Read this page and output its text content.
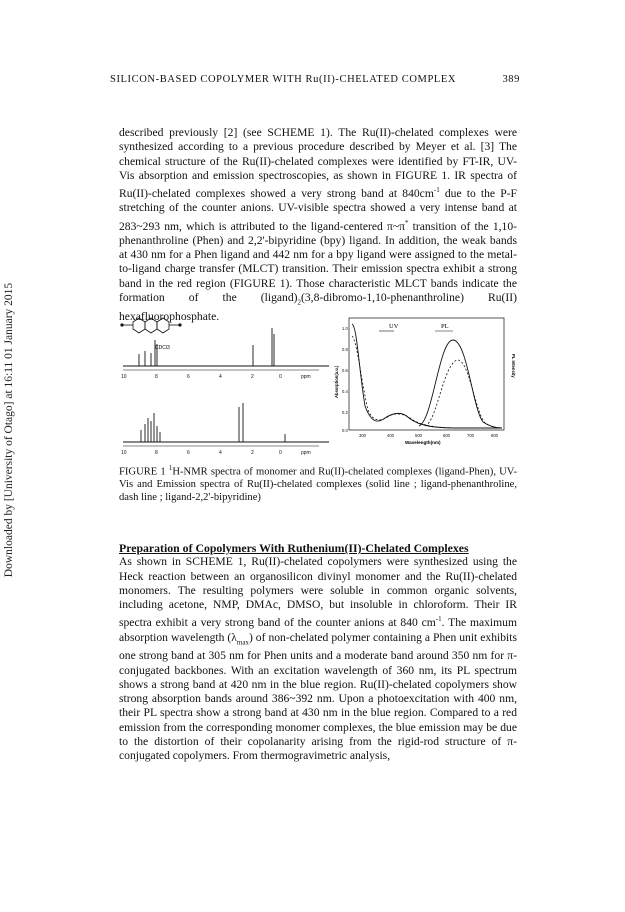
Downloaded by [University of Otago] at 16:11 01 January 2015
SILICON-BASED COPOLYMER WITH Ru(II)-CHELATED COMPLEX	389

described previously [2] (see SCHEME 1). The Ru(II)-chelated complexes were synthesized according to a previous procedure described by Meyer et al. [3] The chemical structure of the Ru(II)-chelated complexes were identified by FT-IR, UV-Vis absorption and emission spectroscopies, as shown in FIGURE 1. IR spectra of Ru(II)-chelated complexes showed a very strong band at $840cm^{-1}$ due to the P-F stretching of the counter anions. UV-visible spectra showed a very intense band at 283~293 nm, which is attributed to the ligand-centered π~π* transition of the 1,10-phenanthroline (Phen) and 2,2'-bipyridine (bpy) ligand. In addition, the weak bands at 430 nm for a Phen ligand and 442 nm for a bpy ligand were assigned to the metal-to-ligand charge transfer (MLCT) transition. Their emission spectra exhibit a strong band in the red region (FIGURE 1). Those characteristic MLCT bands indicate the formation of the $(ligand)_2(3,8-dibromo-1,10-phenanthroline)$ Ru(II) hexafluorophosphate.

CDCl3
10	8	6	4	2	0	ppm
10	8	6	4	2	0	ppm
UV	PL
1.0
0.8
0.6
0.4
0.2
0.0
300	400	500	600	700	800
Wavelength(nm)
Absorption(a.u.)	PL Intensity
FIGURE 1 $^1$H-NMR spectra of monomer and Ru(II)-chelated complexes (ligand-Phen), UV-Vis and Emission spectra of Ru(II)-chelated complexes (solid line ; ligand-phenanthroline, dash line ; ligand-2,2'-bipyridine)

Preparation of Copolymers With Ruthenium(II)-Chelated Complexes

As shown in SCHEME 1, Ru(II)-chelated copolymers were synthesized using the Heck reaction between an organosilicon divinyl monomer and the Ru(II)-chelated monomers. The resulting polymers were soluble in common organic solvents, including acetone, NMP, DMAc, DMSO, but insoluble in chloroform. Their IR spectra exhibit a very strong band of the counter anions at 840 $cm^{-1}$. The maximum absorption wavelength $(\lambda_{max})$ of non-chelated polymer containing a Phen unit exhibits one strong band at 305 nm for Phen units and a moderate band around 350 nm for π-conjugated backbones. With an excitation wavelength of 360 nm, its PL spectrum shows a strong band at 420 nm in the blue region. Ru(II)-chelated copolymers show strong absorption bands around 386~392 nm. Upon a photoexcitation with 400 nm, their PL spectra show a strong band at 430 nm in the blue region. Compared to a red emission from the corresponding monomer complexes, the blue emission may be due to the distortion of their copolanarity arising from the rigid-rod structure of π-conjugated copolymers. From thermogravimetric analysis,
